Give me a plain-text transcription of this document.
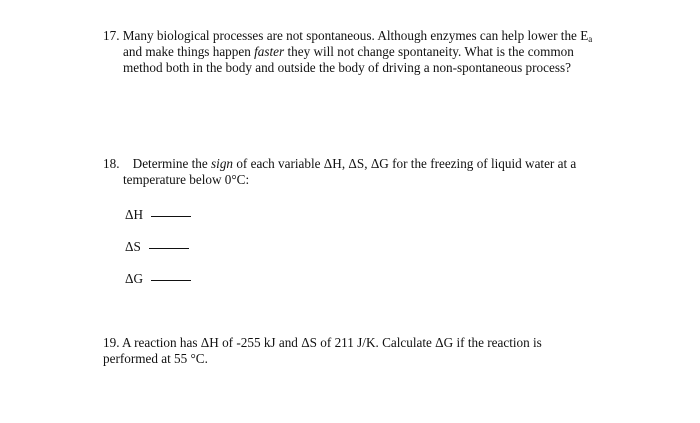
17. Many biological processes are not spontaneous. Although enzymes can help lower the $E_a$
and make things happen faster they will not change spontaneity. What is the common
method both in the body and outside the body of driving a non-spontaneous process?
18. Determine the sign of each variable ΔH, ΔS, ΔG for the freezing of liquid water at a
temperature below 0°C:
ΔH
ΔS
ΔG
19. A reaction has ΔH of -255 kJ and ΔS of 211 J/K. Calculate ΔG if the reaction is
performed at 55 °C.
